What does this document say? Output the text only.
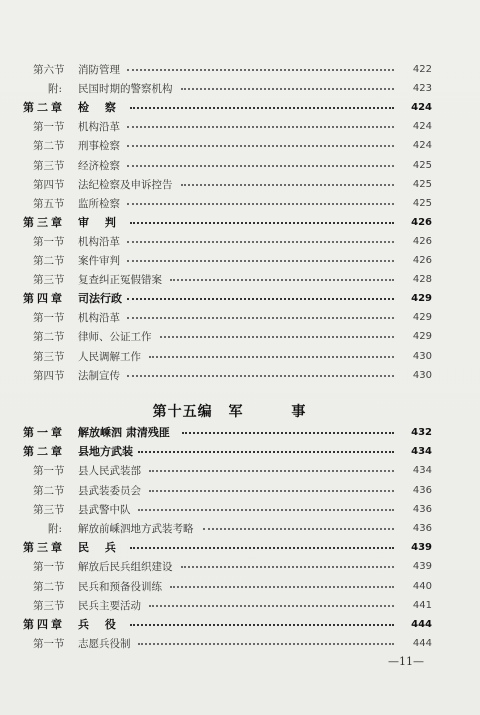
第六节 消防管理	422
附: 民国时期的警察机构	423
第二章 检 察	424
第一节 机构沿革	424
第二节 刑事检察	424
第三节 经济检察	425
第四节 法纪检察及申诉控告	425
第五节 监所检察	425
第三章 审 判	426
第一节 机构沿革	426
第二节 案件审判	426
第三节 复查纠正冤假错案	428
第四章 司法行政	429
第一节 机构沿革	429
第二节 律师、公证工作	429
第三节 人民调解工作	430
第四节 法制宣传	430
第十五编 军 事
第一章 解放嵊泗 肃清残匪	432
第二章 县地方武装	434
第一节 县人民武装部	434
第二节 县武装委员会	436
第三节 县武警中队	436
附: 解放前嵊泗地方武装考略	436
第三章 民 兵	439
第一节 解放后民兵组织建设	439
第二节 民兵和预备役训练	440
第三节 民兵主要活动	441
第四章 兵 役	444
第一节 志愿兵役制	444
—11—
